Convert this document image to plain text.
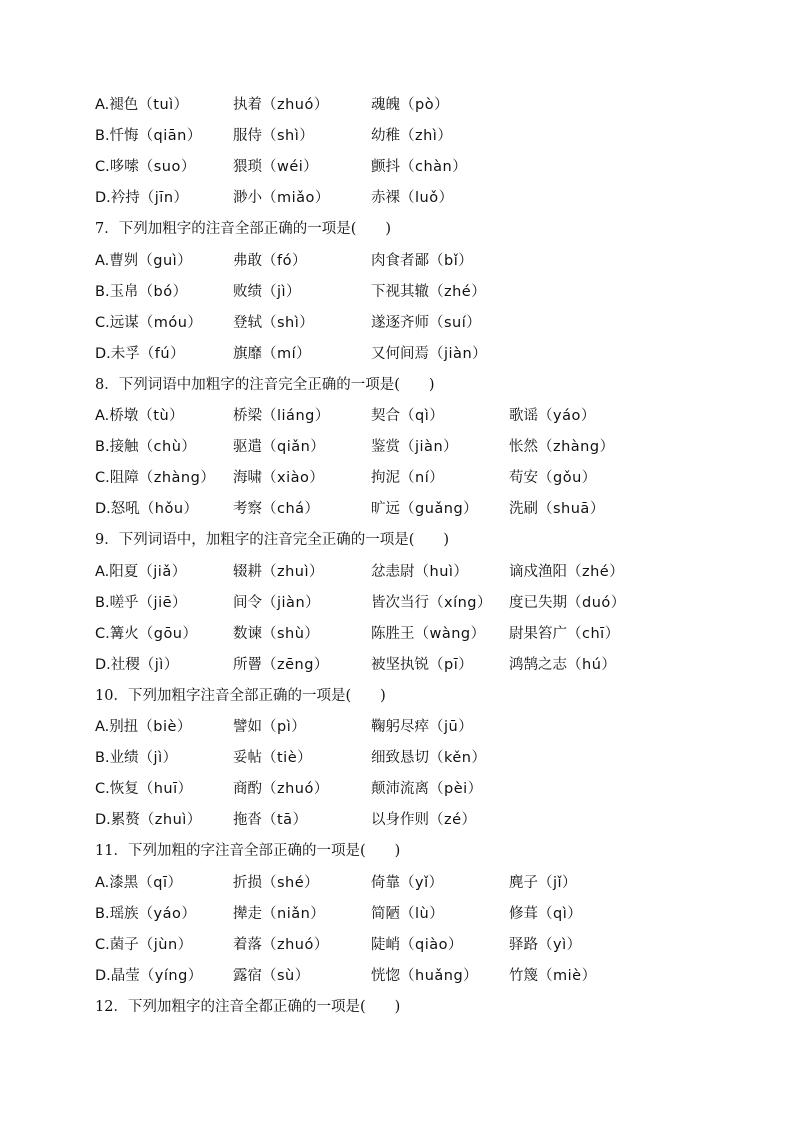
A.褪色（tuì）	执着（zhuó）	魂魄（pò）
B.忏悔（qiān） 服侍（shì）	幼稚（zhì）
C.哆嗦（suo）	猥琐（wéi）	颤抖（chàn）
D.衿持（jīn）	渺小（miǎo）	赤裸（luǒ）
7．下列加粗字的注音全部正确的一项是(　　)
A.曹刿（guì）	弗敢（fó）	肉食者鄙（bǐ）
B.玉帛（bó）	败绩（jì）	下视其辙（zhé）
C.远谋（móu） 登轼（shì）	遂逐齐师（suí）
D.未孚（fú）	旗靡（mí）	又何间焉（jiàn）
8．下列词语中加粗字的注音完全正确的一项是(　　)
A.桥墩（tù）	桥梁（liáng）	契合（qì）	歌谣（yáo）
B.接触（chù）	驱遣（qiǎn）	鉴赏（jiàn）	怅然（zhàng）
C.阻障（zhàng） 海啸（xiào）	拘泥（ní）	苟安（gǒu）
D.怒吼（hǒu） 考察（chá）	旷远（guǎng） 洗刷（shuā）
9．下列词语中，加粗字的注音完全正确的一项是(　　)
A.阳夏（jiǎ）	辍耕（zhuì）	忿恚尉（huì）	谪戍渔阳（zhé）
B.嗟乎（jiē）	间令（jiàn）	皆次当行（xíng） 度已失期（duó）
C.篝火（gōu） 数谏（shù）	陈胜王（wàng） 尉果笞广（chī）
D.社稷（jì）	所罾（zēng）	被坚执锐（pī） 鸿鹄之志（hú）
10．下列加粗字注音全部正确的一项是(　　)
A.别扭（biè）	譬如（pì）	鞠躬尽瘁（jū）
B.业绩（jì）	妥帖（tiè）	细致恳切（kěn）
C.恢复（huī）	商酌（zhuó）	颠沛流离（pèi）
D.累赘（zhuì） 拖沓（tā）	以身作则（zé）
11．下列加粗的字注音全部正确的一项是(　　)
A.漆黑（qī）	折损（shé）	倚靠（yǐ）	麂子（jǐ）
B.瑶族（yáo）	撵走（niǎn）	简陋（lù）	修葺（qì）
C.菌子（jùn）	着落（zhuó）	陡峭（qiào）	驿路（yì）
D.晶莹（yíng） 露宿（sù）	恍惚（huǎng） 竹篾（miè）
12．下列加粗字的注音全都正确的一项是(　　)
